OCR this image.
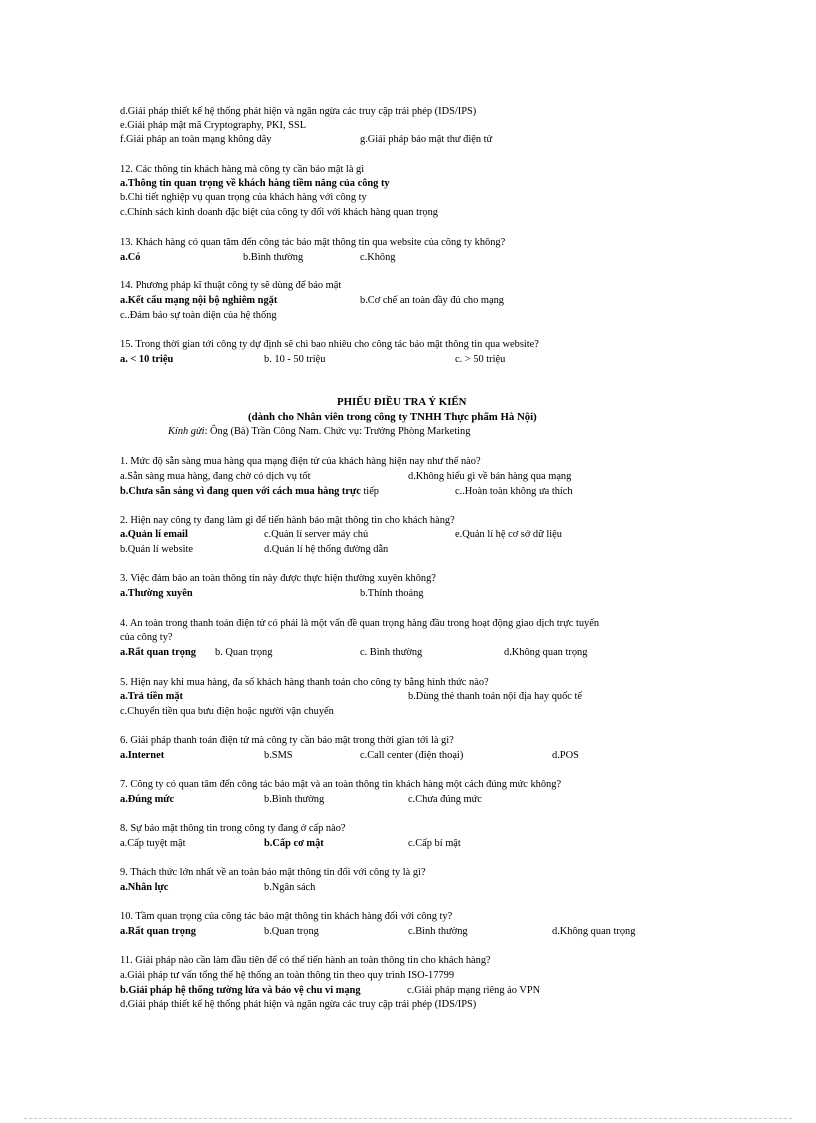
d.Giải pháp thiết kế hệ thống phát hiện và ngăn ngừa các truy cập trái phép (IDS/IPS)
e.Giải pháp mật mã Cryptography, PKI, SSL
f.Giải pháp an toàn mạng không dây	g.Giải pháp bảo mật thư điện tử
12. Các thông tin khách hàng mà công ty cần bảo mật là gì
a.Thông tin quan trọng về khách hàng tiềm năng của công ty
b.Chi tiết nghiệp vụ quan trọng của khách hàng với công ty
c.Chính sách kinh doanh đặc biệt của công ty đối với khách hàng quan trọng
13. Khách hàng có quan tâm đến công tác bảo mật thông tin qua website của công ty không?
a.Có	b.Bình thường	c.Không
14. Phương pháp kĩ thuật công ty sẽ dùng để bảo mật
a.Kết cấu mạng nội bộ nghiêm ngặt	b.Cơ chế an toàn đầy đủ cho mạng
c..Đảm bảo sự toàn diện của hệ thống
15. Trong thời gian tới công ty dự định sẽ chi bao nhiêu cho công tác bảo mật thông tin qua website?
a. < 10 triệu	b. 10 - 50 triệu	c. > 50 triệu
PHIẾU ĐIỀU TRA Ý KIẾN
(dành cho Nhân viên trong công ty TNHH Thực phẩm Hà Nội)
Kính gửi: Ông (Bà) Trần Công Nam. Chức vụ: Trưởng Phòng Marketing
1. Mức độ sẵn sàng mua hàng qua mạng điện tử của khách hàng hiện nay như thế nào?
a.Sẵn sàng mua hàng, đang chờ có dịch vụ tốt	d.Không hiểu gì về bán hàng qua mạng
b.Chưa sẵn sàng vì đang quen với cách mua hàng trực tiếp	c..Hoàn toàn không ưa thích
2. Hiện nay công ty đang làm gì để tiến hành bảo mật thông tin cho khách hàng?
a.Quản lí email	c.Quản lí server máy chủ	e.Quản lí hệ cơ sở dữ liệu
b.Quản lí website	d.Quản lí hệ thống đường dẫn
3. Việc đảm bảo an toàn thông tin này được thực hiện thường xuyên không?
a.Thường xuyên	b.Thỉnh thoảng
4. An toàn trong thanh toán điện tử có phải là một vấn đề quan trọng hàng đầu trong hoạt động giao dịch trực tuyến
của công ty?
a.Rất quan trọng b. Quan trọng	c. Bình thường	d.Không quan trọng
5. Hiện nay khi mua hàng, đa số khách hàng thanh toán cho công ty bằng hình thức nào?
a.Trả tiền mặt	b.Dùng thẻ thanh toán nội địa hay quốc tế
c.Chuyển tiền qua bưu điện hoặc người vận chuyển
6. Giải pháp thanh toán điện tử mà công ty cần bảo mật trong thời gian tới là gì?
a.Internet	b.SMS	c.Call center (điện thoại)	d.POS
7. Công ty có quan tâm đến công tác bảo mật và an toàn thông tin khách hàng một cách đúng mức không?
a.Đúng mức	b.Bình thường	c.Chưa đúng mức
8. Sự bảo mật thông tin trong công ty đang ở cấp nào?
a.Cấp tuyệt mật	b.Cấp cơ mật	c.Cấp bí mật
9. Thách thức lớn nhất về an toàn bảo mật thông tin đối với công ty là gì?
a.Nhân lực	b.Ngân sách
10. Tầm quan trọng của công tác bảo mật thông tin khách hàng đối với công ty?
a.Rất quan trọng	b.Quan trọng	c.Bình thường	d.Không quan trọng
11. Giải pháp nào cần làm đầu tiên để có thể tiến hành an toàn thông tin cho khách hàng?
a.Giải pháp tư vấn tổng thể hệ thống an toàn thông tin theo quy trình ISO-17799
b.Giải pháp hệ thống tường lửa và bảo vệ chu vi mạng	c.Giải pháp mạng riêng ảo VPN
d.Giải pháp thiết kế hệ thống phát hiện và ngăn ngừa các truy cập trái phép (IDS/IPS)
